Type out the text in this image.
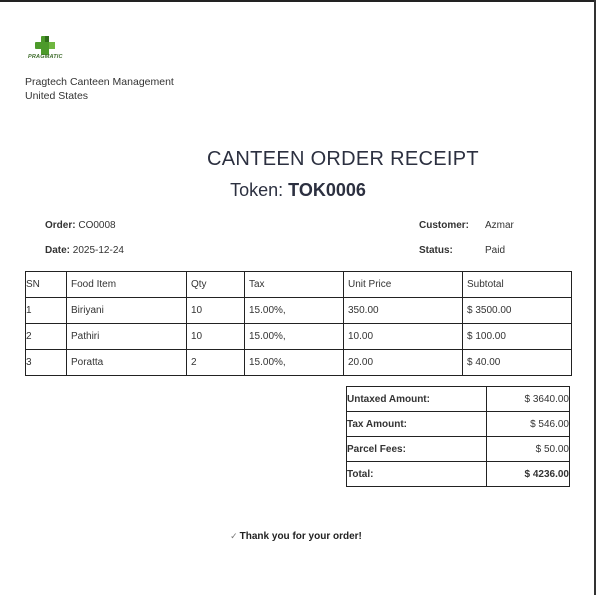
PRAGMATIC
Pragtech Canteen Management
United States
CANTEEN ORDER RECEIPT
Token: TOK0006
Order: CO0008
Date: 2025-12-24
Customer: Azmar
Status:	Paid
SN	Food Item	Qty	Tax	Unit Price	Subtotal
1	Biriyani	10	15.00%,	350.00	$ 3500.00
2	Pathiri	10	15.00%,	10.00	$ 100.00
3	Poratta	2	15.00%,	20.00	$ 40.00
Untaxed Amount:	$ 3640.00
Tax Amount:	$ 546.00
Parcel Fees:	$ 50.00
Total:	$ 4236.00
✓ Thank you for your order!
